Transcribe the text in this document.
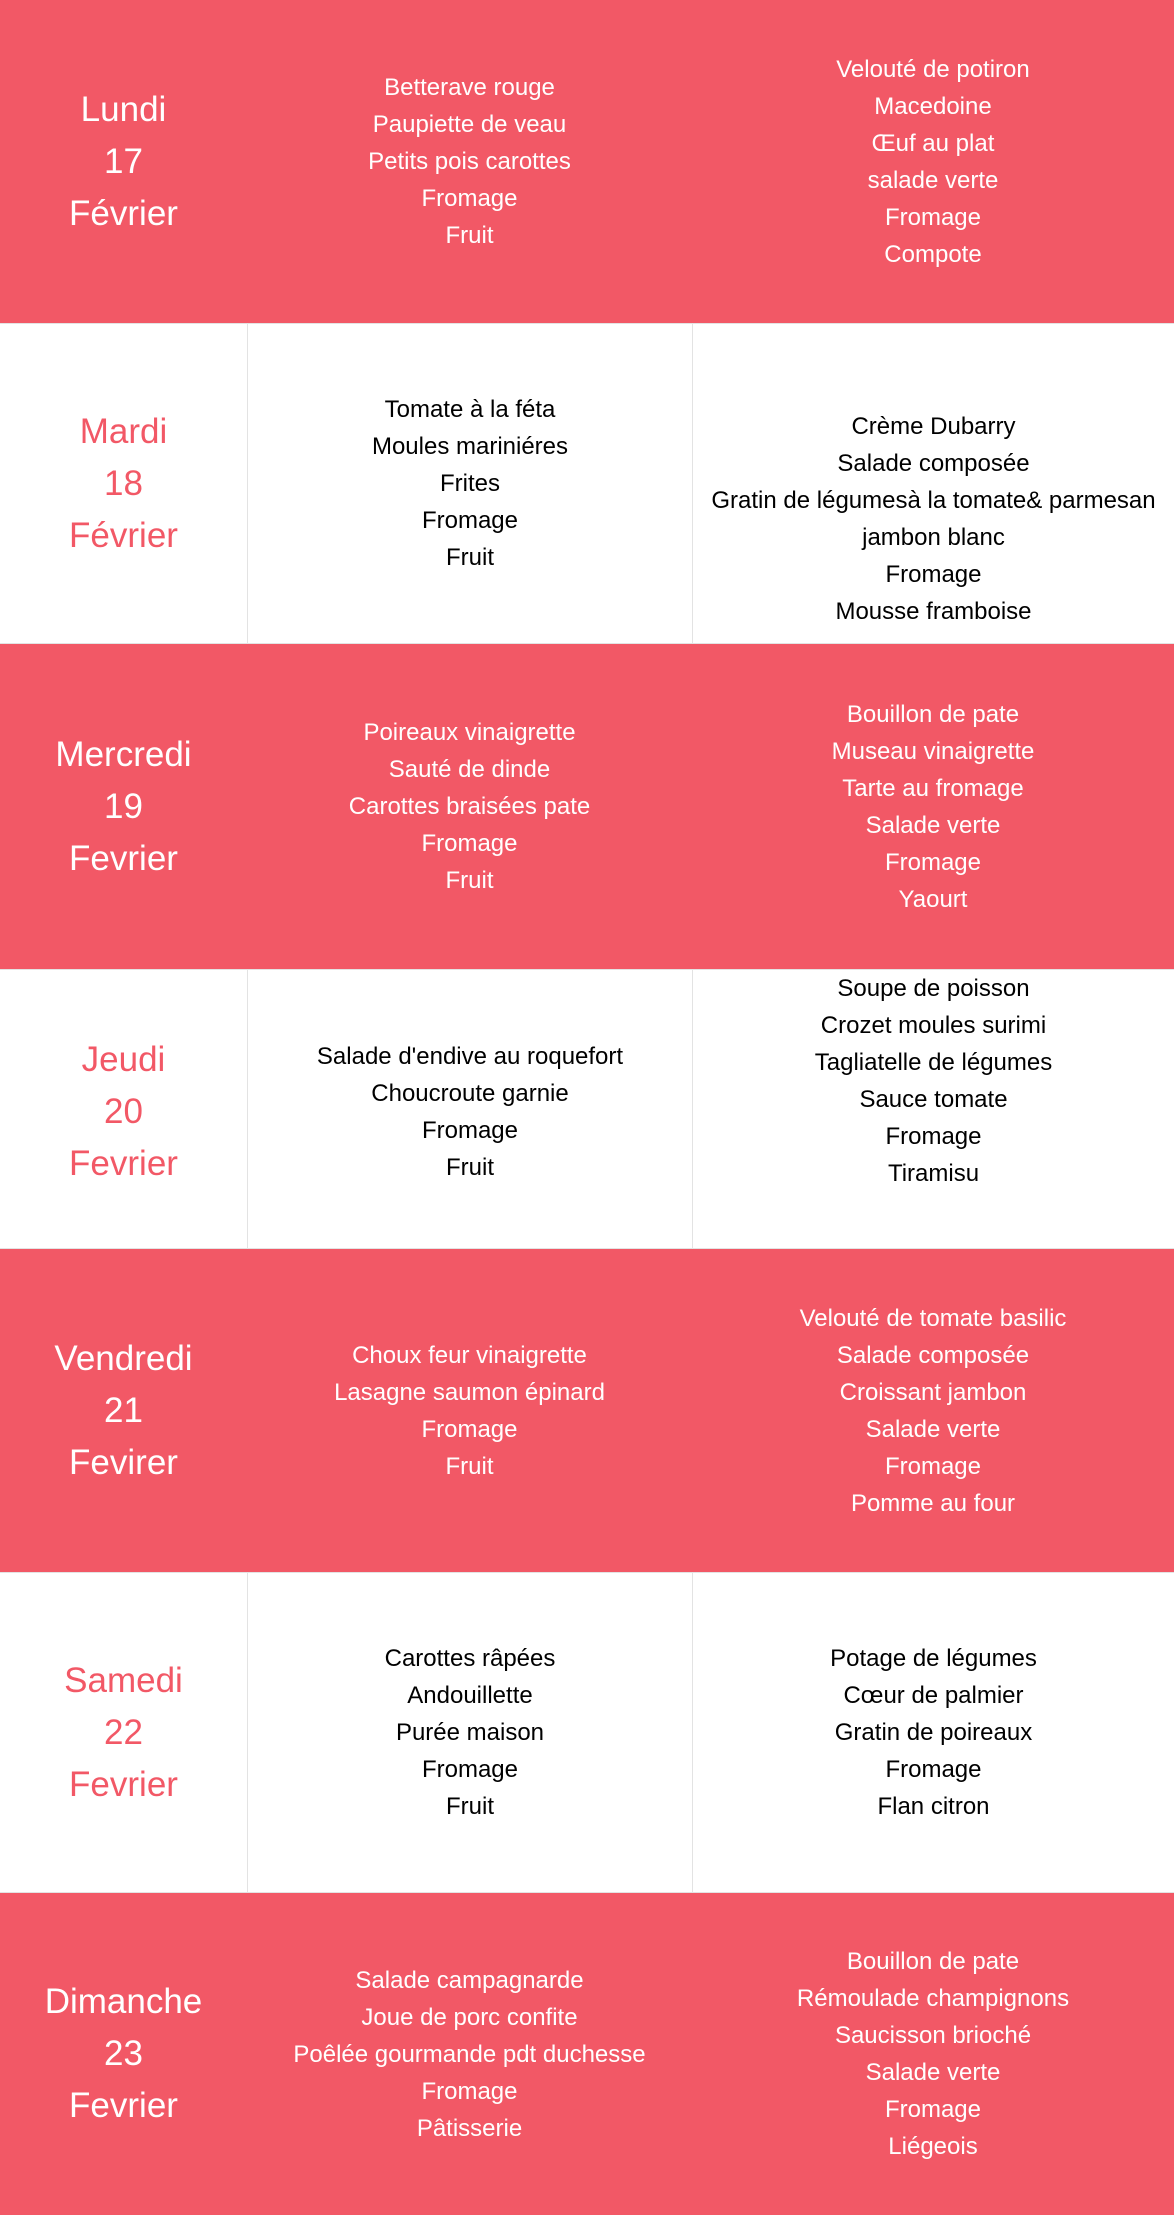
Lundi
17
Février
Betterave rouge
Paupiette de veau
Petits pois carottes
Fromage
Fruit
Velouté de potiron
Macedoine
Œuf au plat
salade verte
Fromage
Compote
Mardi
18
Février
Tomate à la féta
Moules mariniéres
Frites
Fromage
Fruit
Crème Dubarry
Salade composée
Gratin de légumesà la tomate& parmesan
jambon blanc
Fromage
Mousse framboise
Mercredi
19
Fevrier
Poireaux vinaigrette
Sauté de dinde
Carottes braisées pate
Fromage
Fruit
Bouillon de pate
Museau vinaigrette
Tarte au fromage
Salade verte
Fromage
Yaourt
Jeudi
20
Fevrier
Salade d'endive au roquefort
Choucroute garnie
Fromage
Fruit
Soupe de poisson
Crozet moules surimi
Tagliatelle de légumes
Sauce tomate
Fromage
Tiramisu
Vendredi
21
Fevirer
Choux feur vinaigrette
Lasagne saumon épinard
Fromage
Fruit
Velouté de tomate basilic
Salade composée
Croissant jambon
Salade verte
Fromage
Pomme au four
Samedi
22
Fevrier
Carottes râpées
Andouillette
Purée maison
Fromage
Fruit
Potage de légumes
Cœur de palmier
Gratin de poireaux
Fromage
Flan citron
Dimanche
23
Fevrier
Salade campagnarde
Joue de porc confite
Poêlée gourmande pdt duchesse
Fromage
Pâtisserie
Bouillon de pate
Rémoulade champignons
Saucisson brioché
Salade verte
Fromage
Liégeois
